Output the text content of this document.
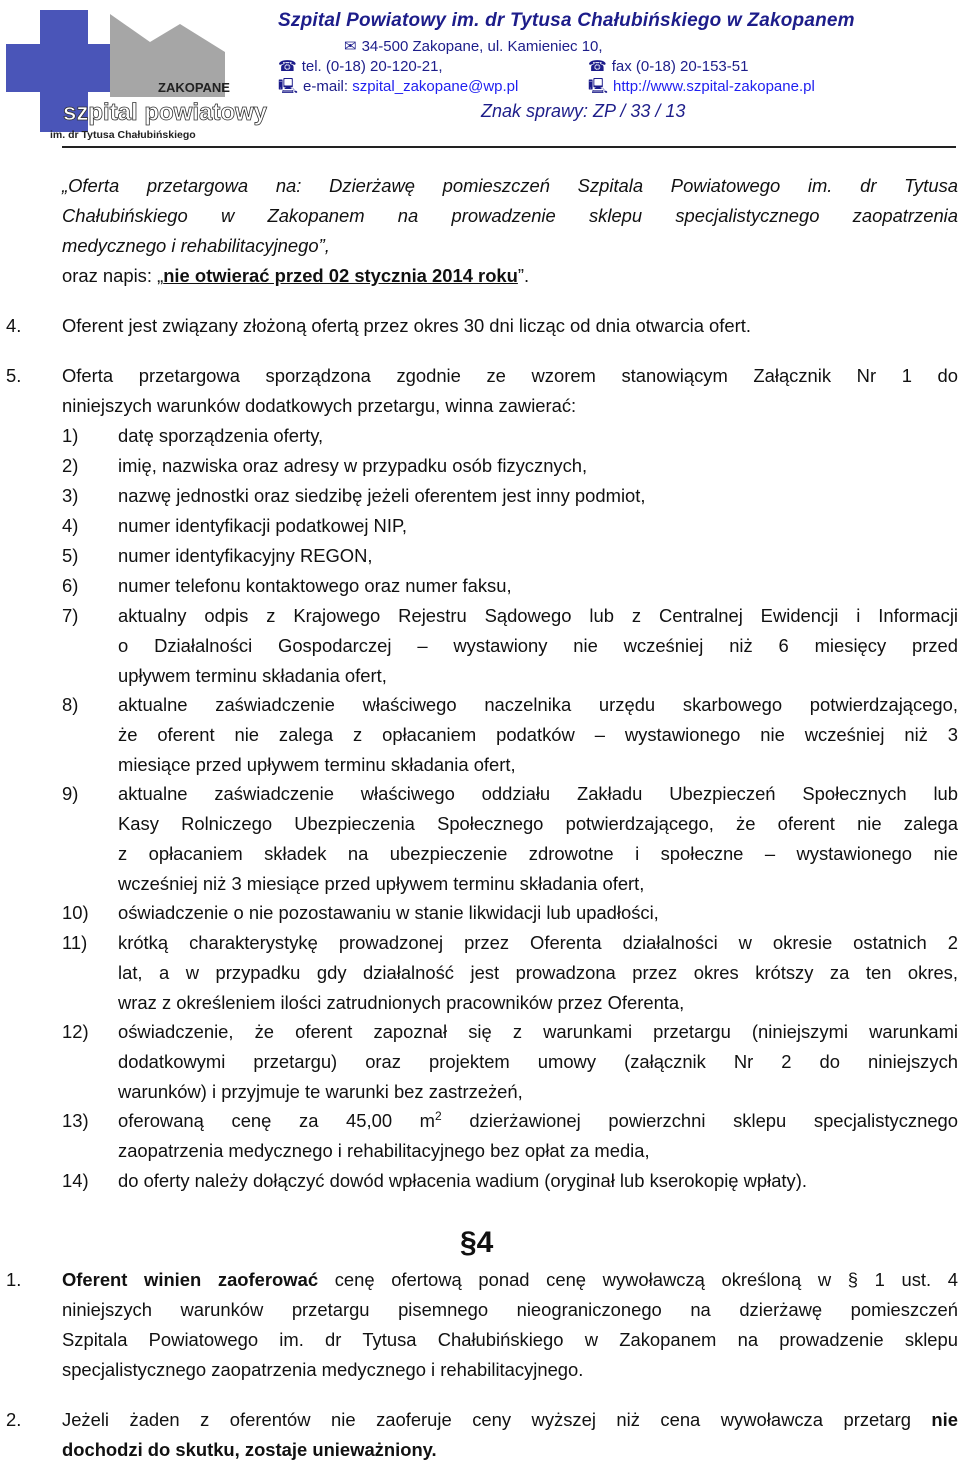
ZAKOPANE
szpital powiatowy
im. dr Tytusa Chałubińskiego
Szpital Powiatowy im. dr Tytusa Chałubińskiego w Zakopanem
✉ 34-500 Zakopane, ul. Kamieniec 10,
☎ tel. (0-18) 20-120-21,	☎ fax (0-18) 20-153-51
🖳 e-mail: szpital_zakopane@wp.pl	🖳 http://www.szpital-zakopane.pl
Znak sprawy: ZP / 33 / 13
„Oferta przetargowa na: Dzierżawę pomieszczeń Szpitala Powiatowego im. dr Tytusa
Chałubińskiego w Zakopanem na prowadzenie sklepu specjalistycznego zaopatrzenia
medycznego i rehabilitacyjnego”,
oraz napis: „nie otwierać przed 02 stycznia 2014 roku”.
4. Oferent jest związany złożoną ofertą przez okres 30 dni licząc od dnia otwarcia ofert.
5. Oferta przetargowa sporządzona zgodnie ze wzorem stanowiącym Załącznik Nr 1 do
niniejszych warunków dodatkowych przetargu, winna zawierać:
1) datę sporządzenia oferty,
2) imię, nazwiska oraz adresy w przypadku osób fizycznych,
3) nazwę jednostki oraz siedzibę jeżeli oferentem jest inny podmiot,
4) numer identyfikacji podatkowej NIP,
5) numer identyfikacyjny REGON,
6) numer telefonu kontaktowego oraz numer faksu,
7) aktualny odpis z Krajowego Rejestru Sądowego lub z Centralnej Ewidencji i Informacji
o Działalności Gospodarczej – wystawiony nie wcześniej niż 6 miesięcy przed
upływem terminu składania ofert,
8) aktualne zaświadczenie właściwego naczelnika urzędu skarbowego potwierdzającego,
że oferent nie zalega z opłacaniem podatków – wystawionego nie wcześniej niż 3
miesiące przed upływem terminu składania ofert,
9) aktualne zaświadczenie właściwego oddziału Zakładu Ubezpieczeń Społecznych lub
Kasy Rolniczego Ubezpieczenia Społecznego potwierdzającego, że oferent nie zalega
z opłacaniem składek na ubezpieczenie zdrowotne i społeczne – wystawionego nie
wcześniej niż 3 miesiące przed upływem terminu składania ofert,
10) oświadczenie o nie pozostawaniu w stanie likwidacji lub upadłości,
11) krótką charakterystykę prowadzonej przez Oferenta działalności w okresie ostatnich 2
lat, a w przypadku gdy działalność jest prowadzona przez okres krótszy za ten okres,
wraz z określeniem ilości zatrudnionych pracowników przez Oferenta,
12) oświadczenie, że oferent zapoznał się z warunkami przetargu (niniejszymi warunkami
dodatkowymi przetargu) oraz projektem umowy (załącznik Nr 2 do niniejszych
warunków) i przyjmuje te warunki bez zastrzeżeń,
13) oferowaną cenę za 45,00 $m^2$ dzierżawionej powierzchni sklepu specjalistycznego
zaopatrzenia medycznego i rehabilitacyjnego bez opłat za media,
14) do oferty należy dołączyć dowód wpłacenia wadium (oryginał lub kserokopię wpłaty).
§4
1. Oferent winien zaoferować cenę ofertową ponad cenę wywoławczą określoną w § 1 ust. 4
niniejszych warunków przetargu pisemnego nieograniczonego na dzierżawę pomieszczeń
Szpitala Powiatowego im. dr Tytusa Chałubińskiego w Zakopanem na prowadzenie sklepu
specjalistycznego zaopatrzenia medycznego i rehabilitacyjnego.
2. Jeżeli żaden z oferentów nie zaoferuje ceny wyższej niż cena wywoławcza przetarg nie
dochodzi do skutku, zostaje unieważniony.
